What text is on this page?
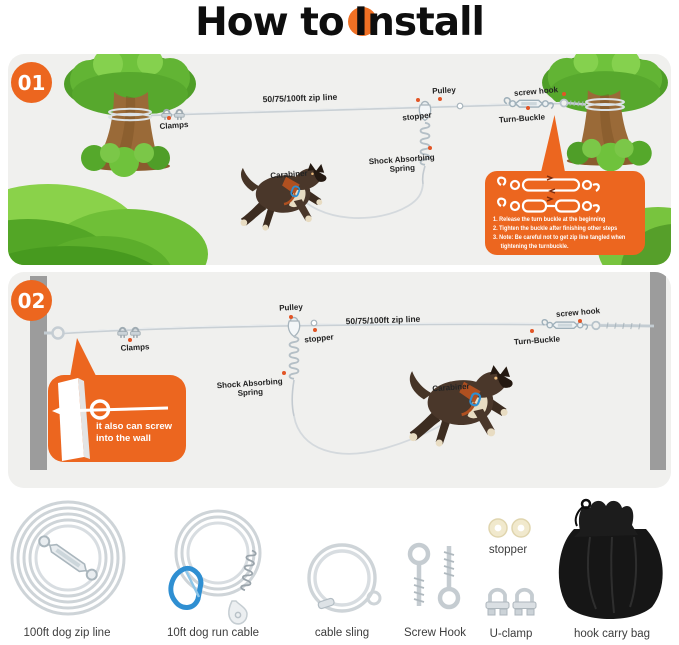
How to Install
01
50/75/100ft zip line
Clamps
Pulley
stopper
screw hook
Turn-Buckle
Shock Absorbing Spring
Carabiner
1. Release the turn buckle at the beginning
2. Tighten the buckle after finishing other steps
3. Note: Be careful not to get zip line tangled when tightening the turnbuckle.
02
Clamps
Pulley
stopper
50/75/100ft zip line
screw hook
Turn-Buckle
Shock Absorbing Spring	Carabiner
it also can screw into the wall
100ft dog zip line	10ft dog run cable	cable sling	Screw Hook
stopper
U-clamp	hook carry bag
